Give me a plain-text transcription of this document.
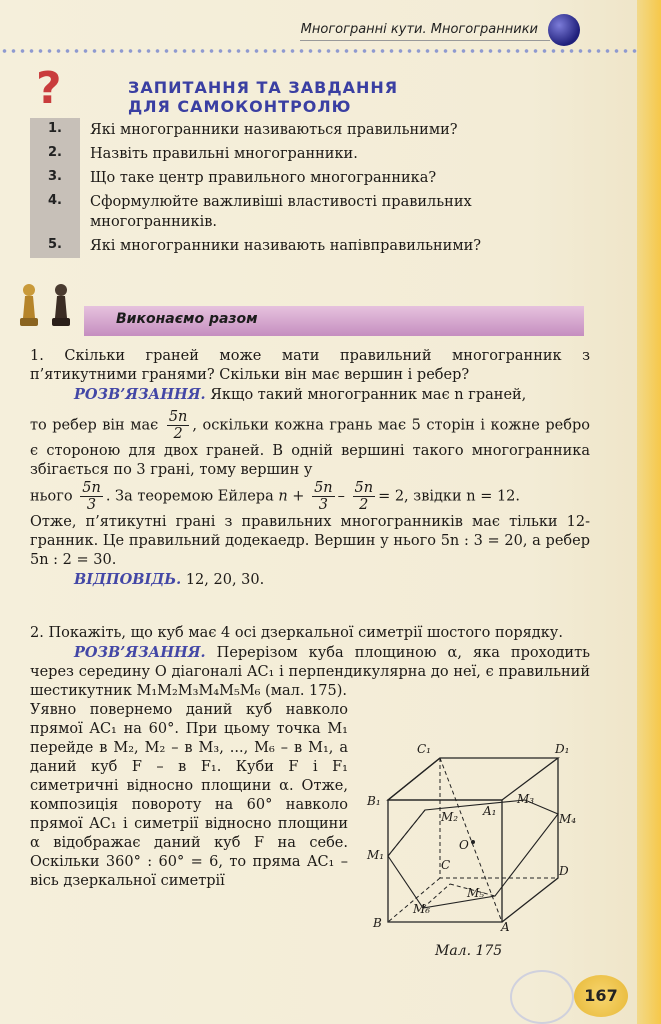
Многогранні кути. Многогранники
?	ЗАПИТАННЯ ТА ЗАВДАННЯ
ДЛЯ САМОКОНТРОЛЮ
1.	Які многогранники називаються правильними?
2.	Назвіть правильні многогранники.
3.	Що таке центр правильного многогранника?
4.	Сформулюйте важливіші властивості правильних многогранників.
5.	Які многогранники називають напівправильними?
Виконаємо разом
1. Скільки граней може мати правильний многогранник з п’ятикутними гранями? Скільки він має вершин і ребер?
РОЗВ’ЯЗАННЯ. Якщо такий многогранник має n граней,
то ребер він має $\frac{5n}{2}$ , оскільки кожна грань має 5 сторін і кожне ребро є стороною для двох граней. В одній вершині такого многогранника збігається по 3 грані, тому вершин у
нього $\frac{5n}{3}$ . За теоремою Ейлера $n + \frac{5n}{3} - \frac{5n}{2} = 2$, звідки n = 12.
Отже, п’ятикутні грані з правильних многогранників має тільки 12-гранник. Це правильний додекаедр. Вершин у нього 5n : 3 = 20, а ребер 5n : 2 = 30.
ВІДПОВІДЬ. 12, 20, 30.
2. Покажіть, що куб має 4 осі дзеркальної симетрії шостого порядку.
РОЗВ’ЯЗАННЯ. Перерізом куба площиною α, яка проходить через середину O діагоналі AC₁ і перпендикулярна до неї, є правильний шестикутник M₁M₂M₃M₄M₅M₆ (мал. 175).
Уявно повернемо даний куб навколо прямої AC₁ на 60°. При цьому точка M₁ перейде в M₂, M₂ – в M₃, ..., M₆ – в M₁, а даний куб F – в F₁. Куби F і F₁ симетричні відносно площини α. Отже, композиція повороту на 60° навколо прямої AC₁ і симетрії відносно площини α відображає даний куб F на себе. Оскільки 360° : 60° = 6, то пряма AC₁ – вісь дзеркальної симетрії
C₁	D₁
B₁
A₁
M₃
M₄
M₂
O
M₁
C	D
M₅
M₆
B	A
Мал. 175
167
